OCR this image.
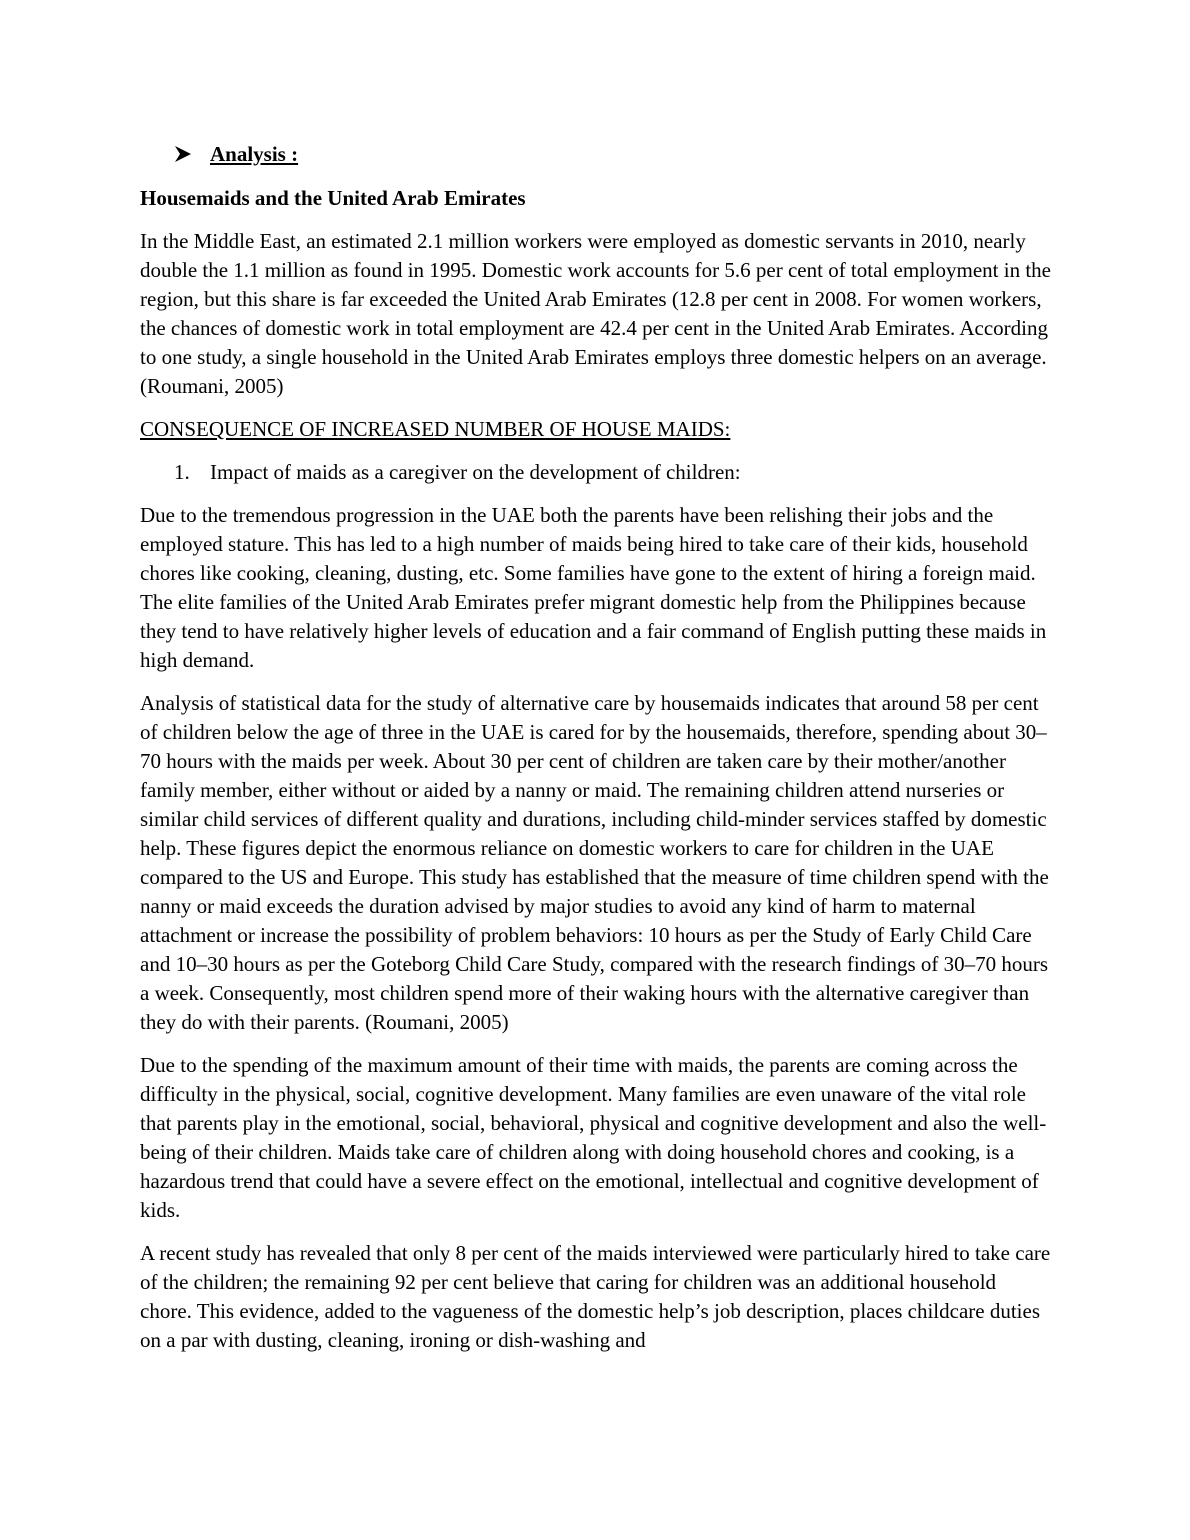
Analysis :
Housemaids and the United Arab Emirates

In the Middle East, an estimated 2.1 million workers were employed as domestic servants in 2010, nearly double the 1.1 million as found in 1995. Domestic work accounts for 5.6 per cent of total employment in the region, but this share is far exceeded the United Arab Emirates (12.8 per cent in 2008. For women workers, the chances of domestic work in total employment are 42.4 per cent in the United Arab Emirates. According to one study, a single household in the United Arab Emirates employs three domestic helpers on an average. (Roumani, 2005)

CONSEQUENCE OF INCREASED NUMBER OF HOUSE MAIDS:
1. Impact of maids as a caregiver on the development of children:

Due to the tremendous progression in the UAE both the parents have been relishing their jobs and the employed stature. This has led to a high number of maids being hired to take care of their kids, household chores like cooking, cleaning, dusting, etc. Some families have gone to the extent of hiring a foreign maid. The elite families of the United Arab Emirates prefer migrant domestic help from the Philippines because they tend to have relatively higher levels of education and a fair command of English putting these maids in high demand.

Analysis of statistical data for the study of alternative care by housemaids indicates that around 58 per cent of children below the age of three in the UAE is cared for by the housemaids, therefore, spending about 30–70 hours with the maids per week. About 30 per cent of children are taken care by their mother/another family member, either without or aided by a nanny or maid. The remaining children attend nurseries or similar child services of different quality and durations, including child-minder services staffed by domestic help. These figures depict the enormous reliance on domestic workers to care for children in the UAE compared to the US and Europe. This study has established that the measure of time children spend with the nanny or maid exceeds the duration advised by major studies to avoid any kind of harm to maternal attachment or increase the possibility of problem behaviors: 10 hours as per the Study of Early Child Care and 10–30 hours as per the Goteborg Child Care Study, compared with the research findings of 30–70 hours a week. Consequently, most children spend more of their waking hours with the alternative caregiver than they do with their parents. (Roumani, 2005)

Due to the spending of the maximum amount of their time with maids, the parents are coming across the difficulty in the physical, social, cognitive development. Many families are even unaware of the vital role that parents play in the emotional, social, behavioral, physical and cognitive development and also the well-being of their children. Maids take care of children along with doing household chores and cooking, is a hazardous trend that could have a severe effect on the emotional, intellectual and cognitive development of kids.

A recent study has revealed that only 8 per cent of the maids interviewed were particularly hired to take care of the children; the remaining 92 per cent believe that caring for children was an additional household chore. This evidence, added to the vagueness of the domestic help’s job description, places childcare duties on a par with dusting, cleaning, ironing or dish-washing and
